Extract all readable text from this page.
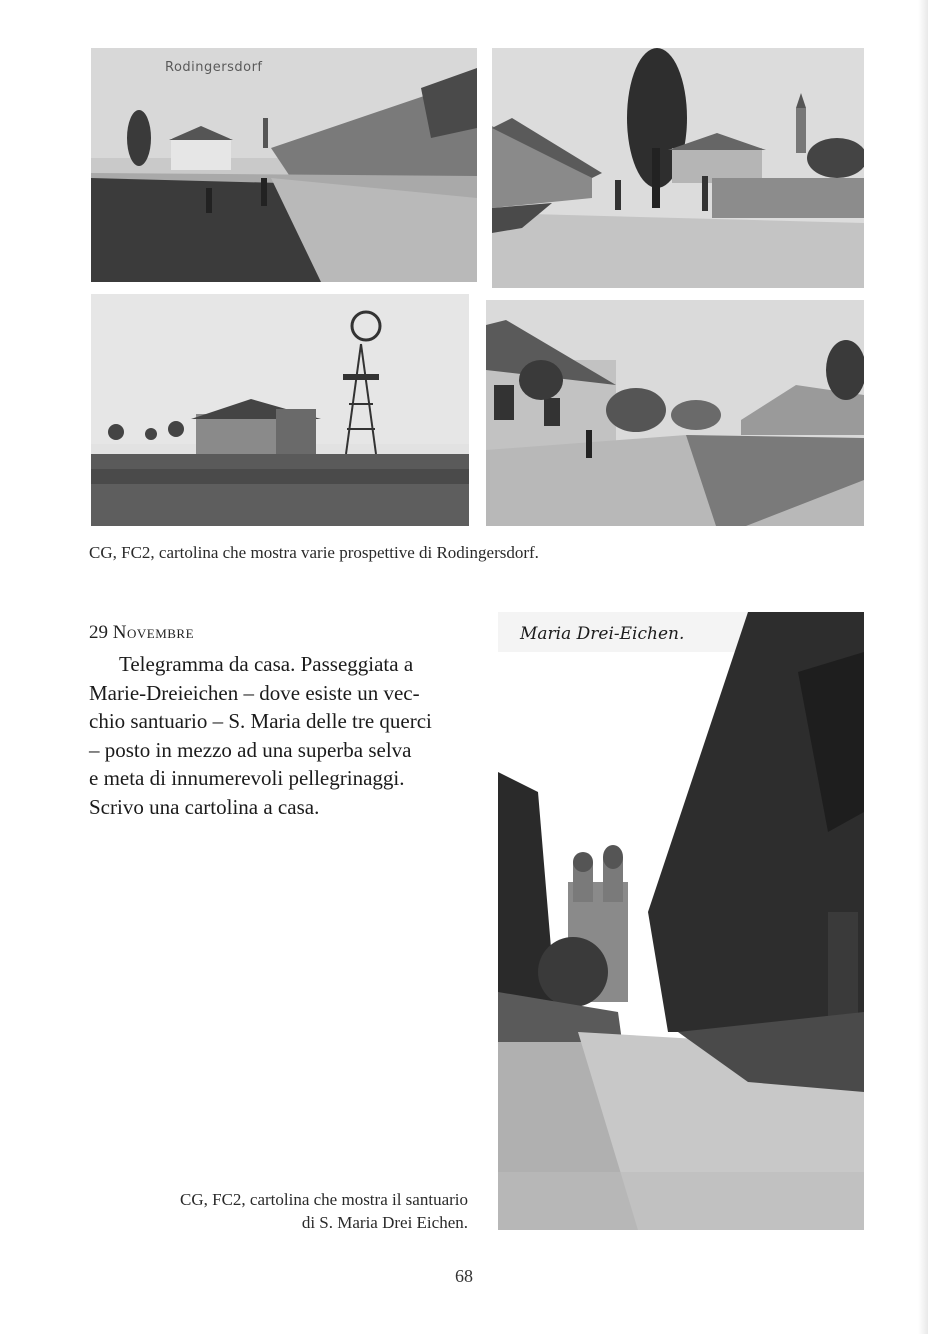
Rodingersdorf
CG, FC2, cartolina che mostra varie prospettive di Rodingersdorf.
29 Novembre
Telegramma da casa. Passeggiata a
Marie-Dreieichen – dove esiste un vec-
chio santuario – S. Maria delle tre querci
– posto in mezzo ad una superba selva
e meta di innumerevoli pellegrinaggi.
Scrivo una cartolina a casa.
Maria Drei-Eichen.
CG, FC2, cartolina che mostra il santuario
di S. Maria Drei Eichen.
68
